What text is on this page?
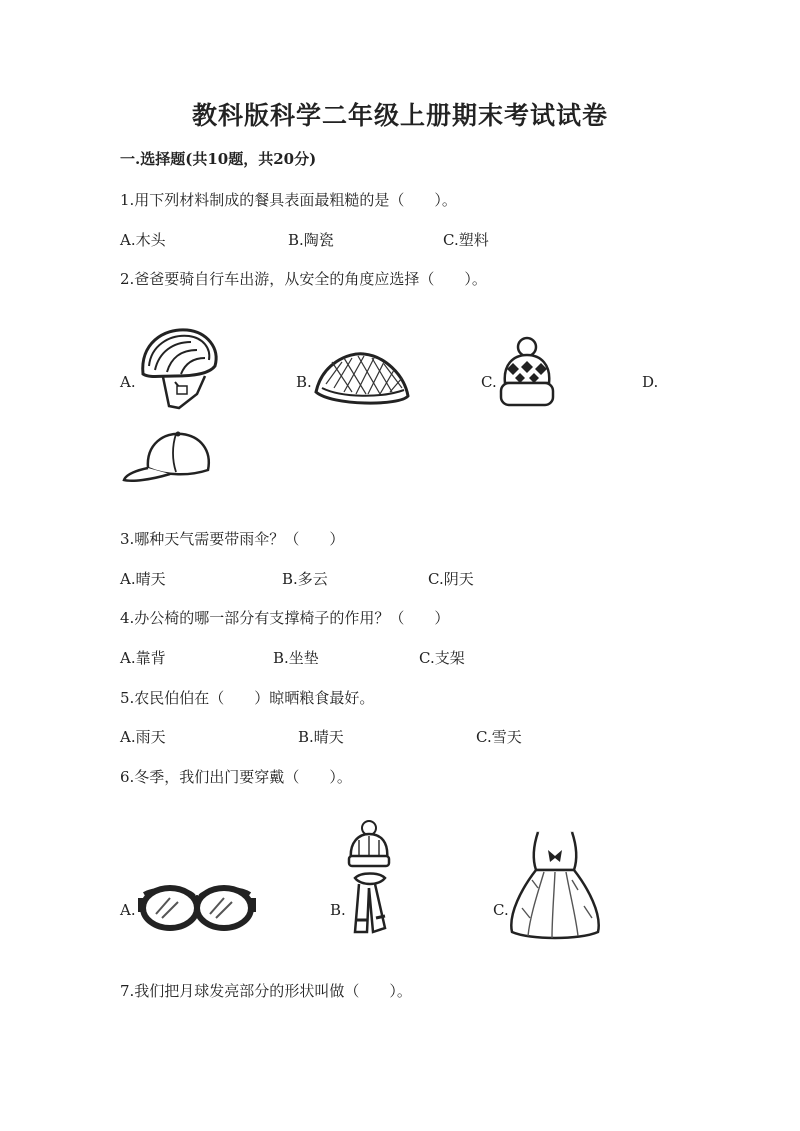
教科版科学二年级上册期末考试试卷
一.选择题(共10题，共20分)
1.用下列材料制成的餐具表面最粗糙的是（　　）。
A.木头	B.陶瓷	C.塑料
2.爸爸要骑自行车出游，从安全的角度应选择（　　）。
A.	B.	C.	D.
3.哪种天气需要带雨伞？（　　）
A.晴天	B.多云	C.阴天
4.办公椅的哪一部分有支撑椅子的作用？（　　）
A.靠背	B.坐垫	C.支架
5.农民伯伯在（　　）晾晒粮食最好。
A.雨天	B.晴天	C.雪天
6.冬季，我们出门要穿戴（　　）。
A.	B.	C.
7.我们把月球发亮部分的形状叫做（　　）。
